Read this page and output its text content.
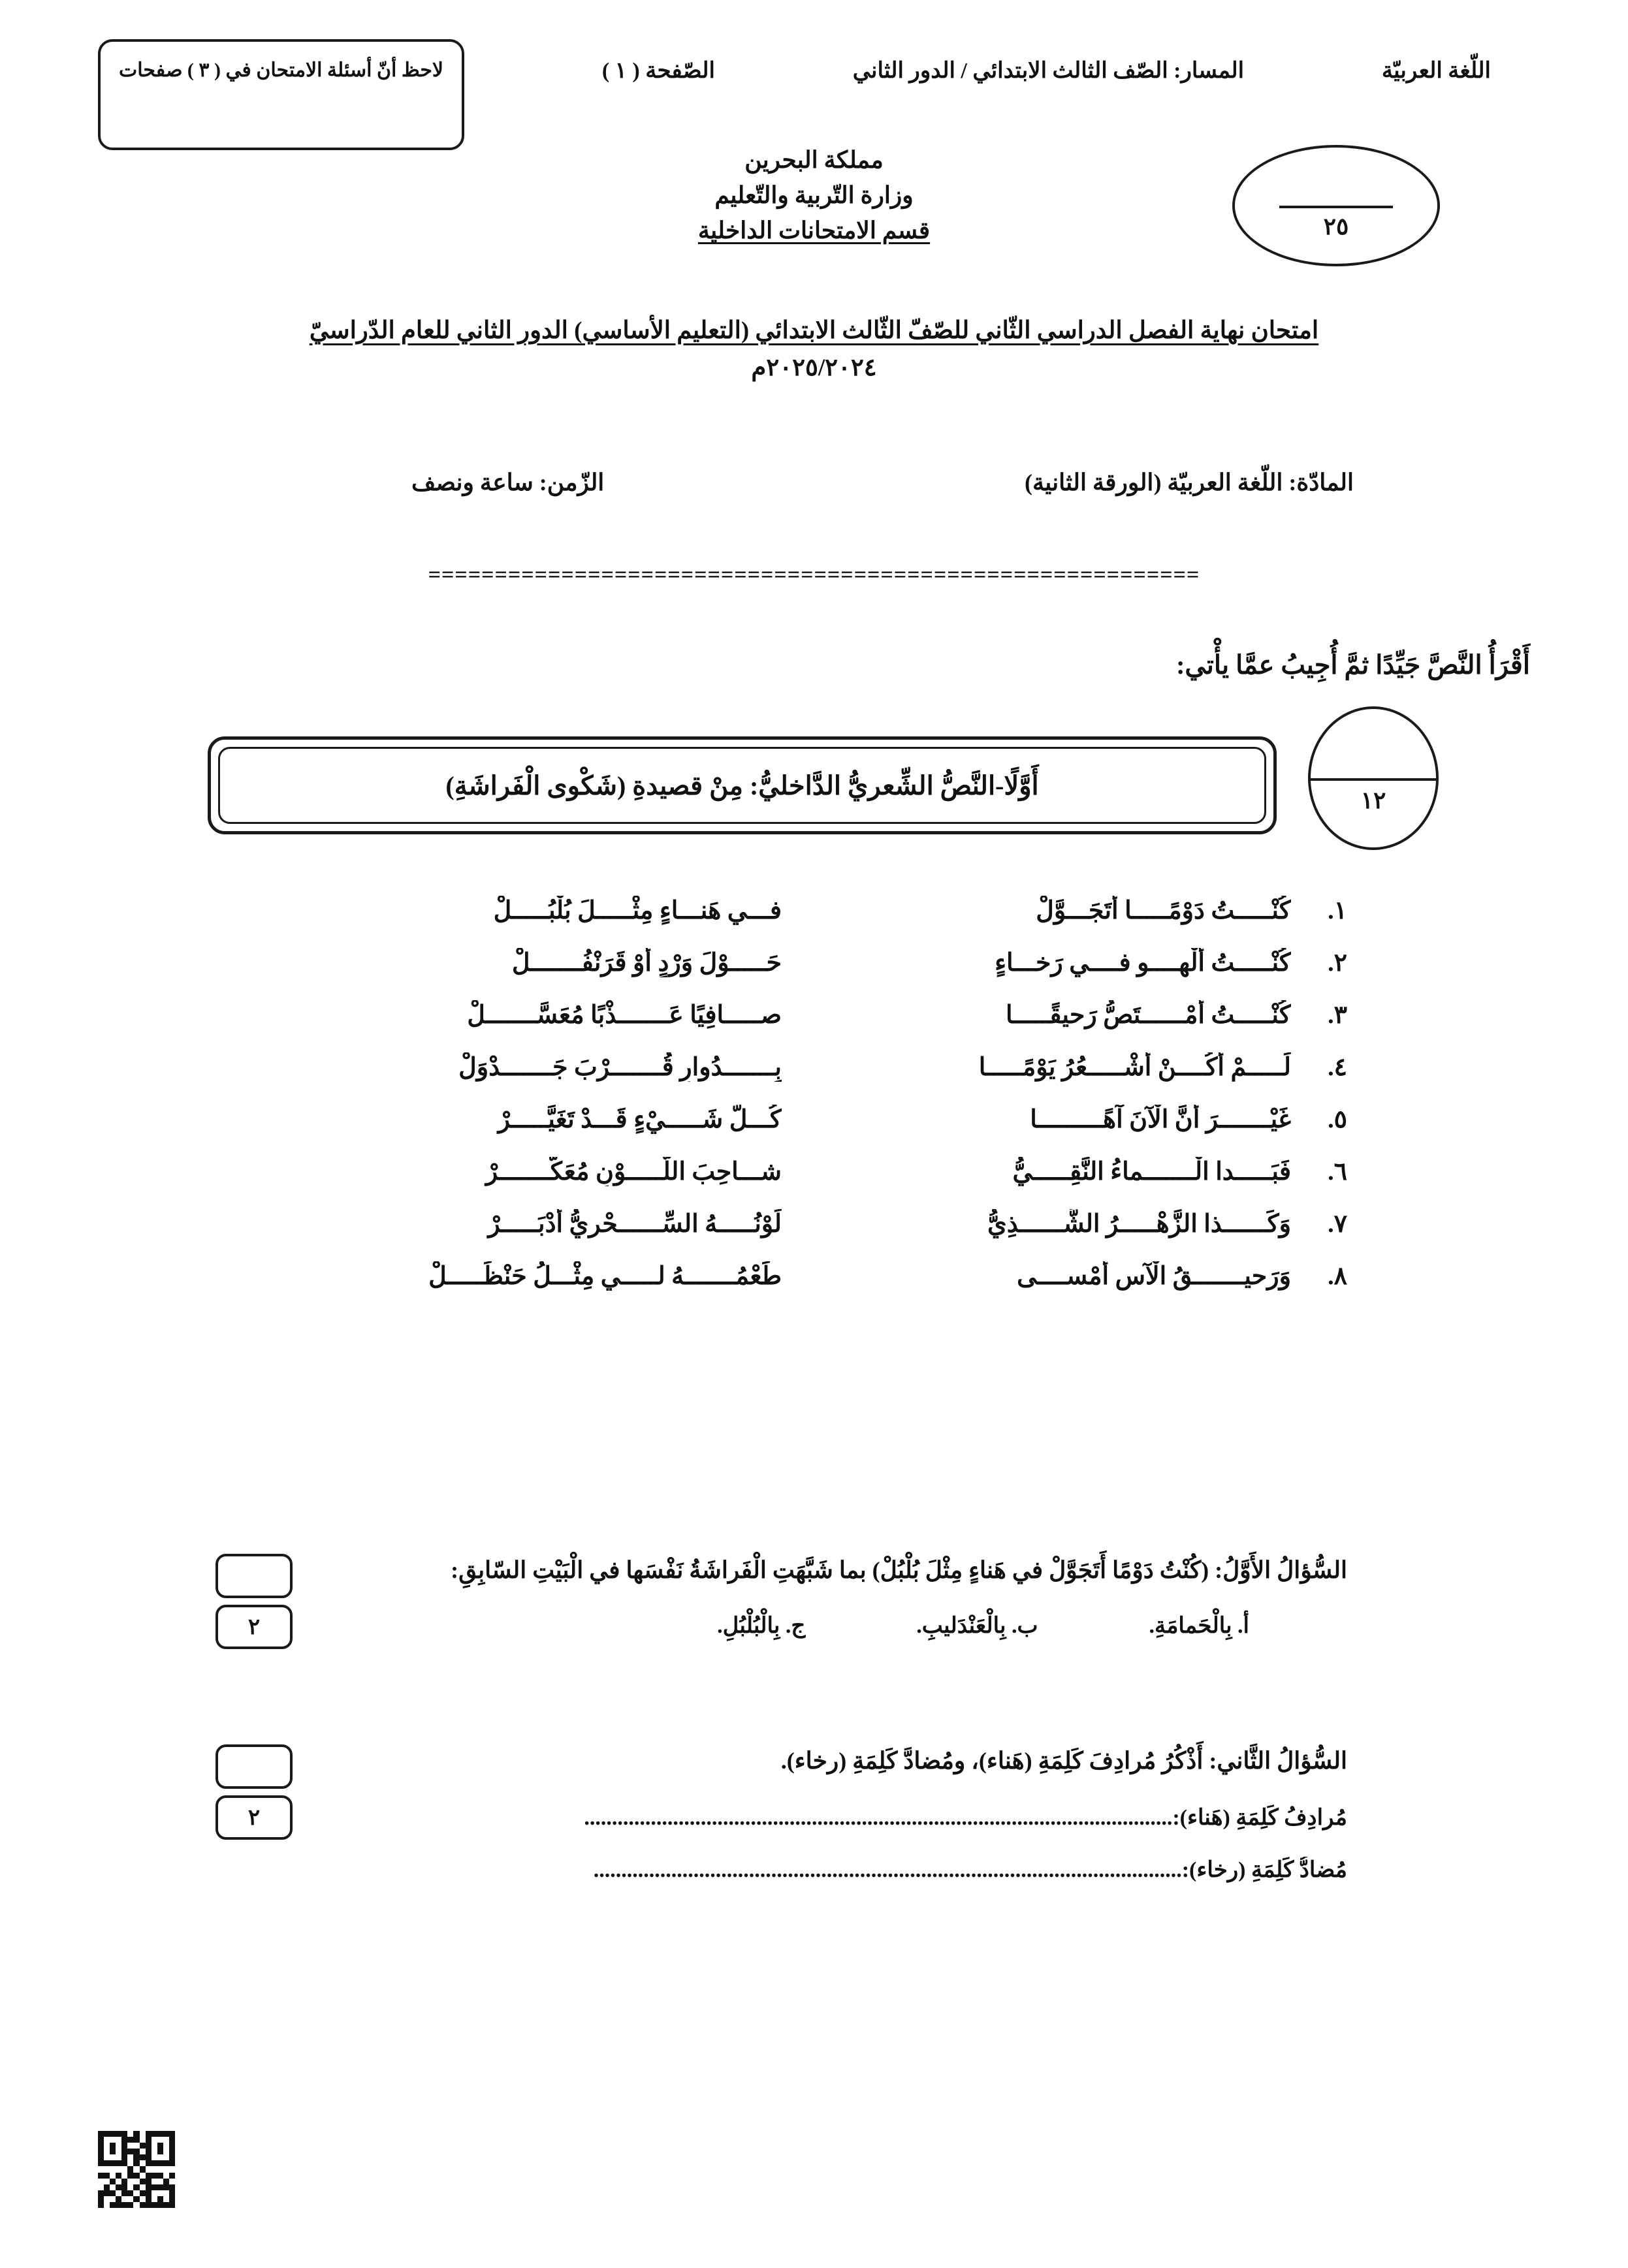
اللّغة العربيّة
المسار: الصّف الثالث الابتدائي / الدور الثاني
الصّفحة ( ١ )
لاحظ أنّ أسئلة الامتحان في ( ٣ ) صفحات
٢٥
مملكة البحرين
وزارة التّربية والتّعليم
قسم الامتحانات الداخلية
امتحان نهاية الفصل الدراسي الثّاني للصّفّ الثّالث الابتدائي (التعليم الأساسي) الدور الثاني للعام الدّراسيّ
٢٠٢٥/٢٠٢٤م
المادّة: اللّغة العربيّة (الورقة الثانية)
الزّمن: ساعة ونصف
==========================================================
أَقْرَأُ النَّصَّ جَيِّدًا ثمَّ أُجِيبُ عمَّا يأْتي:
١٢
أَوَّلًا-النَّصُّ الشِّعريُّ الدَّاخليُّ: مِنْ قصيدةِ (شَكْوى الْفَراشَةِ)
١.
كُنْـــــتُ دَوْمًـــــا أَتَجَـــوَّلْ
فـــي هَنـــاءٍ مِثْـــــلَ بُلْبُـــــلْ
٢.
كُنْـــــتُ أَلْهــــو فــــي رَخـــاءٍ
حَـــــوْلَ وَرْدٍ أَوْ قَرَنْفُـــــــلْ
٣.
كُنْـــــتُ أَمْــــــتَصُّ رَحيقًـــــا
صـــــافِيًا عَـــــــذْبًا مُعَسَّـــــــلْ
٤.
لَـــــمْ أَكُــــنْ أَشْـــــعُرُ يَوْمًـــــا
بِـــــــدُوارٍ قُـــــــرْبَ جَـــــــدْوَلْ
٥.
غَيْـــــــرَ أَنَّ الْآنَ آهًـــــــــا
كُـــلُّ شَـــــيْءٍ قَـــدْ تَغَيَّـــــرْ
٦.
فَبَـــــدا الْـــــــماءُ النَّقِـــــيُّ
شـــاحِبَ اللَّـــــوْنِ مُعَكَّـــــــرْ
٧.
وَكَــــــذا الزَّهْـــــرُ الشَّــــــذِيُّ
لَوْنُـــــهُ السِّــــــحْريُّ أَدْبَـــــرْ
٨.
وَرَحيـــــــقُ الْآسِ أَمْســــى
طَعْمُـــــــهُ لـــــي مِثْـــلُ حَنْظَـــــلْ
السُّؤالُ الأَوَّلُ: (كُنْتُ دَوْمًا أَتَجَوَّلْ في هَناءٍ مِثْلَ بُلْبُلْ) بما شَبَّهَتِ الْفَراشَةُ نَفْسَها في الْبَيْتِ السّابِقِ:
أ. بِالْحَمامَةِ.
ب. بِالْعَنْدَليبِ.
ج. بِالْبُلْبُلِ.
٢
السُّؤالُ الثَّاني: أَذْكُرُ مُرادِفَ كَلِمَةِ (هَناء)، ومُضادَّ كَلِمَةِ (رخاء).
مُرادِفُ كَلِمَةِ (هَناء):..........................................................................................................
مُضادُّ كَلِمَةِ (رخاء):..........................................................................................................
٢
